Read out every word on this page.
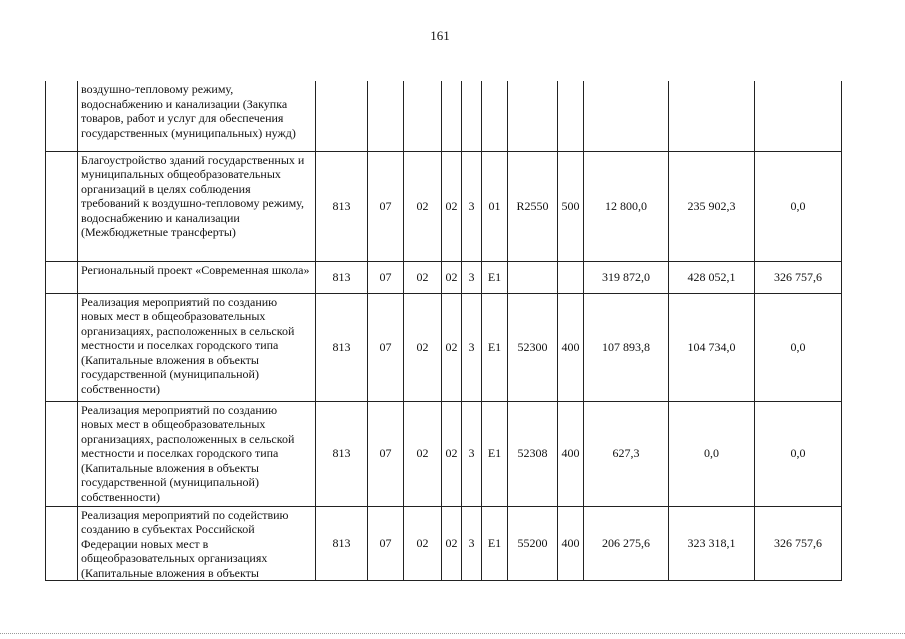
161
	воздушно-тепловому режиму, водоснабжению и канализации (Закупка товаров, работ и услуг для обеспечения государственных (муниципальных) нужд)											
	Благоустройство зданий государственных и муниципальных общеобразовательных организаций в целях соблюдения требований к воздушно-тепловому режиму, водоснабжению и канализации (Межбюджетные трансферты)	813	07	02	02	3	01	R2550	500	12 800,0	235 902,3	0,0
	Региональный проект «Современная школа»	813	07	02	02	3	Е1			319 872,0	428 052,1	326 757,6
	Реализация мероприятий по созданию новых мест в общеобразовательных организациях, расположенных в сельской местности и поселках городского типа (Капитальные вложения в объекты государственной (муниципальной) собственности)	813	07	02	02	3	Е1	52300	400	107 893,8	104 734,0	0,0
	Реализация мероприятий по созданию новых мест в общеобразовательных организациях, расположенных в сельской местности и поселках городского типа (Капитальные вложения в объекты государственной (муниципальной) собственности)	813	07	02	02	3	Е1	52308	400	627,3	0,0	0,0
	Реализация мероприятий по содействию созданию в субъектах Российской Федерации новых мест в общеобразовательных организациях (Капитальные вложения в объекты	813	07	02	02	3	Е1	55200	400	206 275,6	323 318,1	326 757,6
